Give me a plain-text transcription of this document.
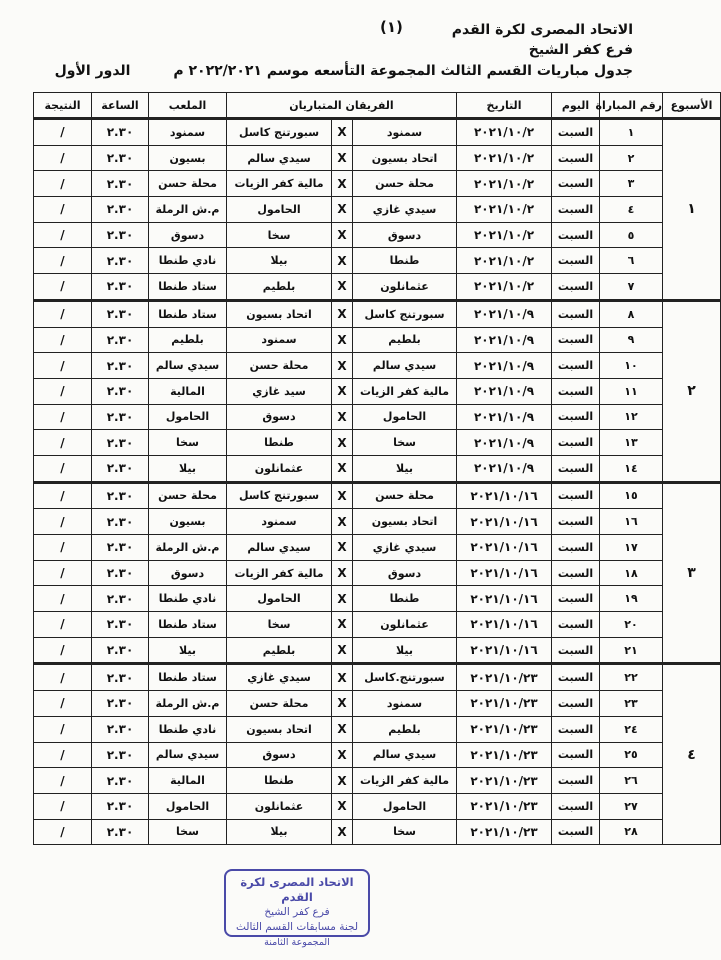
(١)	الاتحاد المصرى لكرة القدم
فرع كفر الشيخ
جدول مباريات القسم الثالث المجموعة التأسعه موسم ٢٠٢٢/٢٠٢١ م الدور الأول
الأسبوع	رقم المباراة	اليوم	التاريخ	الفريقان المتباريان			الملعب	الساعة	النتيجة
١	١	السبت	٢٠٢١/١٠/٢	سمنود	X	سبورتنج كاسل	سمنود	٢.٣٠	/
	٢	السبت	٢٠٢١/١٠/٢	اتحاد بسيون	X	سيدي سالم	بسيون	٢.٣٠	/
	٣	السبت	٢٠٢١/١٠/٢	محلة حسن	X	مالية كفر الزيات	محلة حسن	٢.٣٠	/
	٤	السبت	٢٠٢١/١٠/٢	سيدي غازي	X	الحامول	م.ش الرملة	٢.٣٠	/
	٥	السبت	٢٠٢١/١٠/٢	دسوق	X	سخا	دسوق	٢.٣٠	/
	٦	السبت	٢٠٢١/١٠/٢	طنطا	X	بيلا	نادي طنطا	٢.٣٠	/
	٧	السبت	٢٠٢١/١٠/٢	عثمانلون	X	بلطيم	ستاد طنطا	٢.٣٠	/
٢	٨	السبت	٢٠٢١/١٠/٩	سبورتنج كاسل	X	اتحاد بسيون	ستاد طنطا	٢.٣٠	/
	٩	السبت	٢٠٢١/١٠/٩	بلطيم	X	سمنود	بلطيم	٢.٣٠	/
	١٠	السبت	٢٠٢١/١٠/٩	سيدي سالم	X	محلة حسن	سيدي سالم	٢.٣٠	/
	١١	السبت	٢٠٢١/١٠/٩	مالية كفر الزيات	X	سيد غازي	المالية	٢.٣٠	/
	١٢	السبت	٢٠٢١/١٠/٩	الحامول	X	دسوق	الحامول	٢.٣٠	/
	١٣	السبت	٢٠٢١/١٠/٩	سخا	X	طنطا	سخا	٢.٣٠	/
	١٤	السبت	٢٠٢١/١٠/٩	بيلا	X	عثمانلون	بيلا	٢.٣٠	/
٣	١٥	السبت	٢٠٢١/١٠/١٦	محلة حسن	X	سبورتنج كاسل	محلة حسن	٢.٣٠	/
	١٦	السبت	٢٠٢١/١٠/١٦	اتحاد بسيون	X	سمنود	بسيون	٢.٣٠	/
	١٧	السبت	٢٠٢١/١٠/١٦	سيدي غازي	X	سيدي سالم	م.ش الرملة	٢.٣٠	/
	١٨	السبت	٢٠٢١/١٠/١٦	دسوق	X	مالية كفر الزيات	دسوق	٢.٣٠	/
	١٩	السبت	٢٠٢١/١٠/١٦	طنطا	X	الحامول	نادي طنطا	٢.٣٠	/
	٢٠	السبت	٢٠٢١/١٠/١٦	عثمانلون	X	سخا	ستاد طنطا	٢.٣٠	/
	٢١	السبت	٢٠٢١/١٠/١٦	بيلا	X	بلطيم	بيلا	٢.٣٠	/
٤	٢٢	السبت	٢٠٢١/١٠/٢٣	سبورتنج.كاسل	X	سيدي غازي	ستاد طنطا	٢.٣٠	/
	٢٣	السبت	٢٠٢١/١٠/٢٣	سمنود	X	محلة حسن	م.ش الرملة	٢.٣٠	/
	٢٤	السبت	٢٠٢١/١٠/٢٣	بلطيم	X	اتحاد بسيون	نادي طنطا	٢.٣٠	/
	٢٥	السبت	٢٠٢١/١٠/٢٣	سيدي سالم	X	دسوق	سيدي سالم	٢.٣٠	/
	٢٦	السبت	٢٠٢١/١٠/٢٣	مالية كفر الزيات	X	طنطا	المالية	٢.٣٠	/
	٢٧	السبت	٢٠٢١/١٠/٢٣	الحامول	X	عثمانلون	الحامول	٢.٣٠	/
	٢٨	السبت	٢٠٢١/١٠/٢٣	سخا	X	بيلا	سخا	٢.٣٠	/
الاتحاد المصرى لكرة القدم
فرع كفر الشيخ
لجنة مسابقات القسم الثالث
المجموعة الثامنة
